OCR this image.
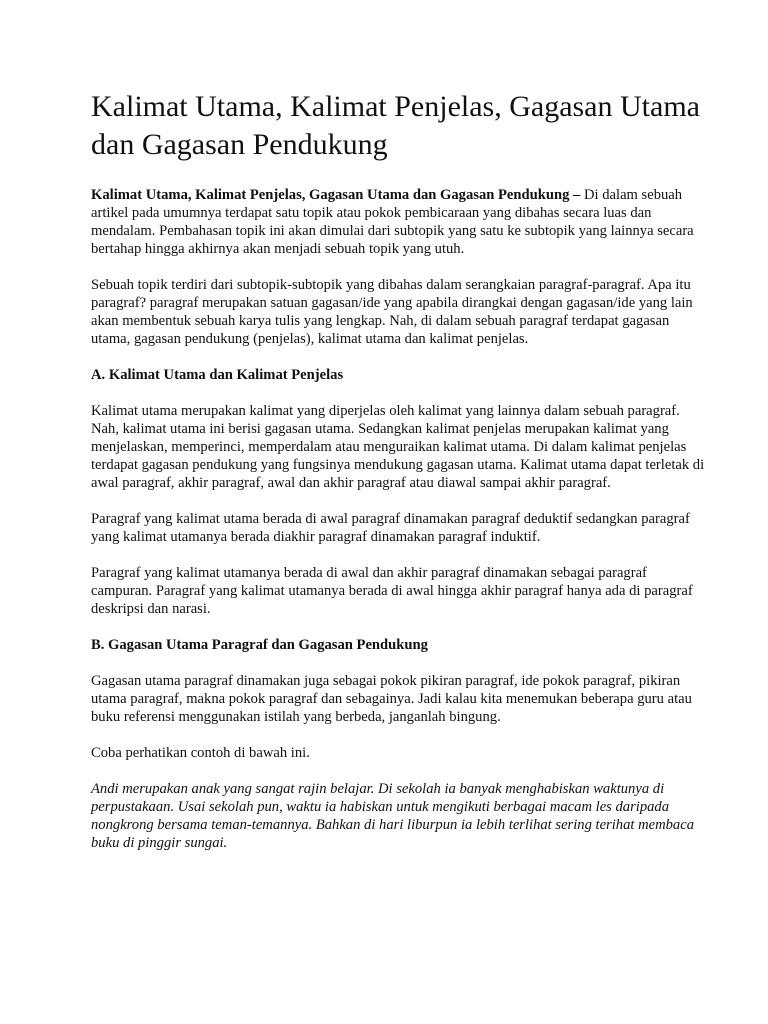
Kalimat Utama, Kalimat Penjelas, Gagasan Utama dan Gagasan Pendukung

Kalimat Utama, Kalimat Penjelas, Gagasan Utama dan Gagasan Pendukung – Di dalam sebuah artikel pada umumnya terdapat satu topik atau pokok pembicaraan yang dibahas secara luas dan mendalam. Pembahasan topik ini akan dimulai dari subtopik yang satu ke subtopik yang lainnya secara bertahap hingga akhirnya akan menjadi sebuah topik yang utuh.

Sebuah topik terdiri dari subtopik-subtopik yang dibahas dalam serangkaian paragraf-paragraf. Apa itu paragraf? paragraf merupakan satuan gagasan/ide yang apabila dirangkai dengan gagasan/ide yang lain akan membentuk sebuah karya tulis yang lengkap. Nah, di dalam sebuah paragraf terdapat gagasan utama, gagasan pendukung (penjelas), kalimat utama dan kalimat penjelas.

A. Kalimat Utama dan Kalimat Penjelas

Kalimat utama merupakan kalimat yang diperjelas oleh kalimat yang lainnya dalam sebuah paragraf. Nah, kalimat utama ini berisi gagasan utama. Sedangkan kalimat penjelas merupakan kalimat yang menjelaskan, memperinci, memperdalam atau menguraikan kalimat utama. Di dalam kalimat penjelas terdapat gagasan pendukung yang fungsinya mendukung gagasan utama. Kalimat utama dapat terletak di awal paragraf, akhir paragraf, awal dan akhir paragraf atau diawal sampai akhir paragraf.

Paragraf yang kalimat utama berada di awal paragraf dinamakan paragraf deduktif sedangkan paragraf yang kalimat utamanya berada diakhir paragraf dinamakan paragraf induktif.

Paragraf yang kalimat utamanya berada di awal dan akhir paragraf dinamakan sebagai paragraf campuran. Paragraf yang kalimat utamanya berada di awal hingga akhir paragraf hanya ada di paragraf deskripsi dan narasi.

B. Gagasan Utama Paragraf dan Gagasan Pendukung

Gagasan utama paragraf dinamakan juga sebagai pokok pikiran paragraf, ide pokok paragraf, pikiran utama paragraf, makna pokok paragraf dan sebagainya. Jadi kalau kita menemukan beberapa guru atau buku referensi menggunakan istilah yang berbeda, janganlah bingung.

Coba perhatikan contoh di bawah ini.

Andi merupakan anak yang sangat rajin belajar. Di sekolah ia banyak menghabiskan waktunya di perpustakaan. Usai sekolah pun, waktu ia habiskan untuk mengikuti berbagai macam les daripada nongkrong bersama teman-temannya. Bahkan di hari liburpun ia lebih terlihat sering terihat membaca buku di pinggir sungai.
